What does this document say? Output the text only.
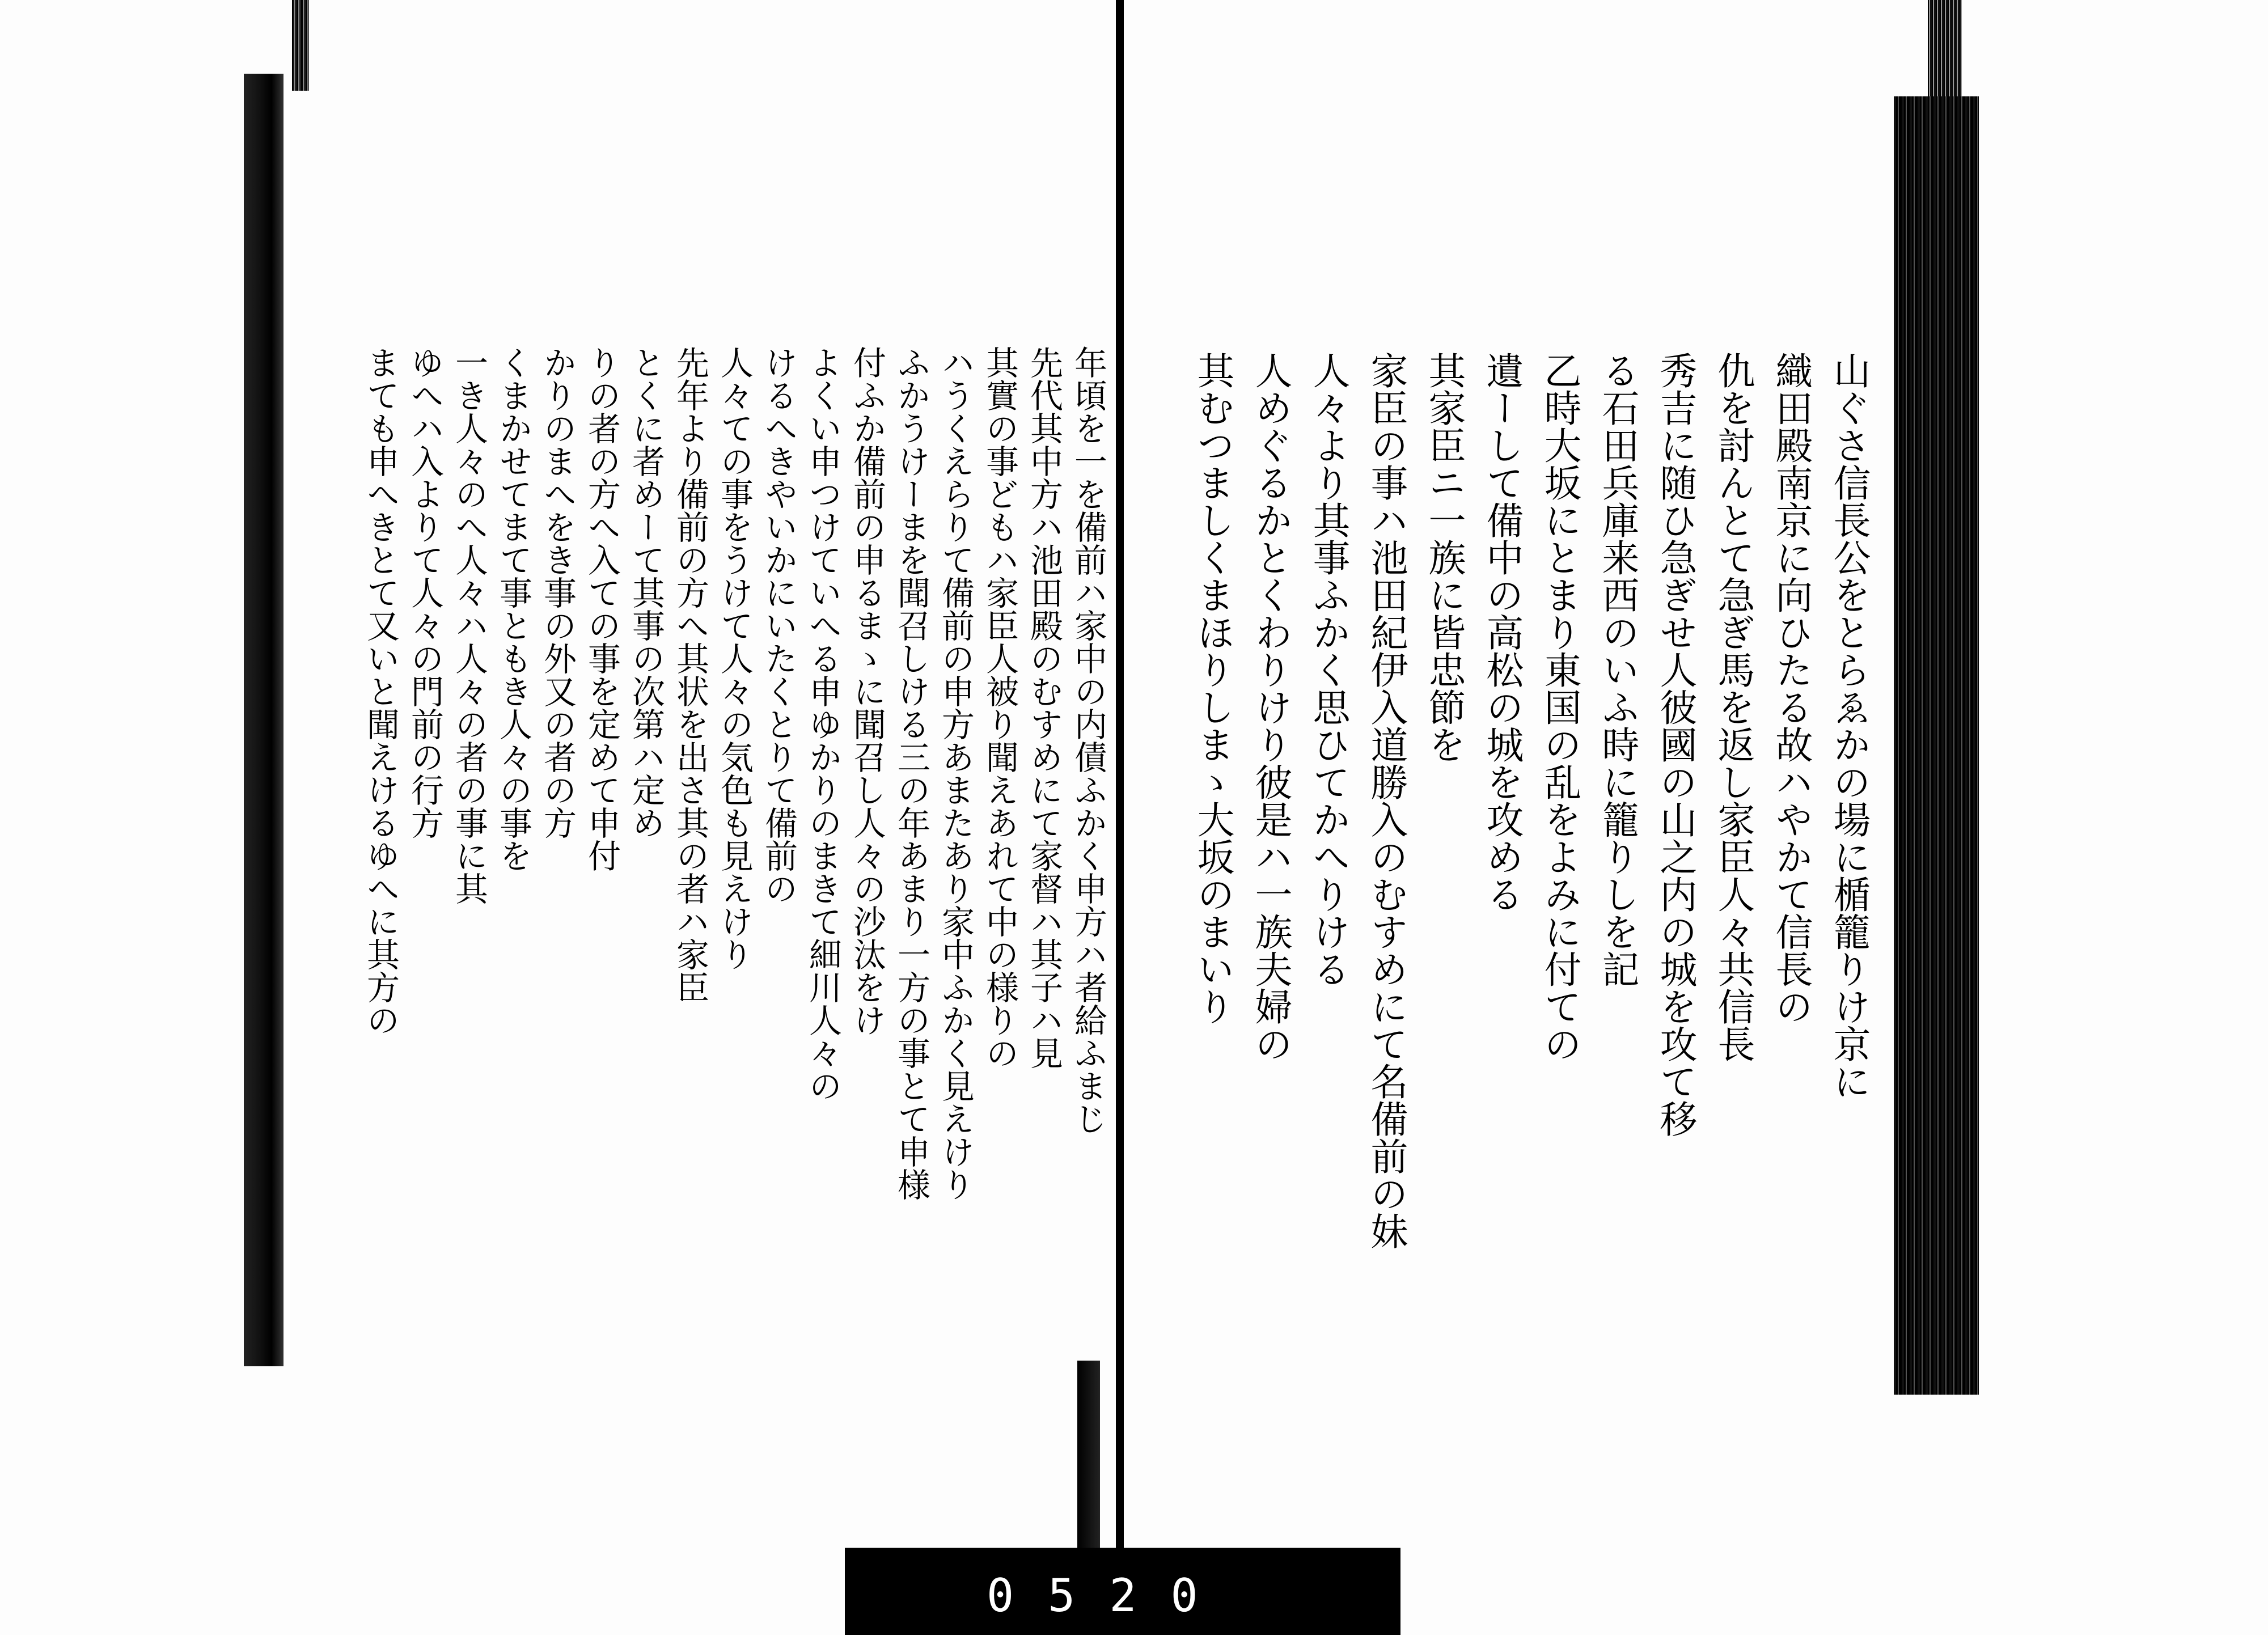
山ぐさ信長公をとらゑかの場に楯籠りけ京に
織田殿南京に向ひたる故ハやかて信長の
仇を討んとて急ぎ馬を返し家臣人々共信長
秀吉に随ひ急ぎせ人彼國の山之内の城を攻て移
る石田兵庫来西のいふ時に籠りしを記
乙時大坂にとまり東国の乱をよみに付ての
遺ーして備中の高松の城を攻める
其家臣ニ一族に皆忠節を
家臣の事ハ池田紀伊入道勝入のむすめにて名備前の妹
人々より其事ふかく思ひてかへりける
人めぐるかとくわりけり彼是ハ一族夫婦の
其むつましくまほりしまゝ大坂のまいり
年頃を一を備前ハ家中の内債ふかく申方ハ者給ふまじ
先代其中方ハ池田殿のむすめにて家督ハ其子ハ見
其實の事どもハ家臣人被り聞えあれて中の様りの
ハうくえらりて備前の申方あまたあり家中ふかく見えけり
ふかうけーまを聞召しける三の年あまり一方の事とて申様
付ふか備前の申るまゝに聞召し人々の沙汰をけ
よくい申つけていへる申ゆかりのまきて細川人々の
けるへきやいかにいたくとりて備前の
人々ての事をうけて人々の気色も見えけり
先年より備前の方へ其状を出さ其の者ハ家臣
とくに者めーて其事の次第ハ定め
りの者の方へ入ての事を定めて申付
かりのまへをき事の外又の者の方
くまかせてまて事ともき人々の事を
一き人々のへ人々ハ人々の者の事に其
ゆへハ入よりて人々の門前の行方
まても申へきとて又いと聞えけるゆへに其方の
0520
